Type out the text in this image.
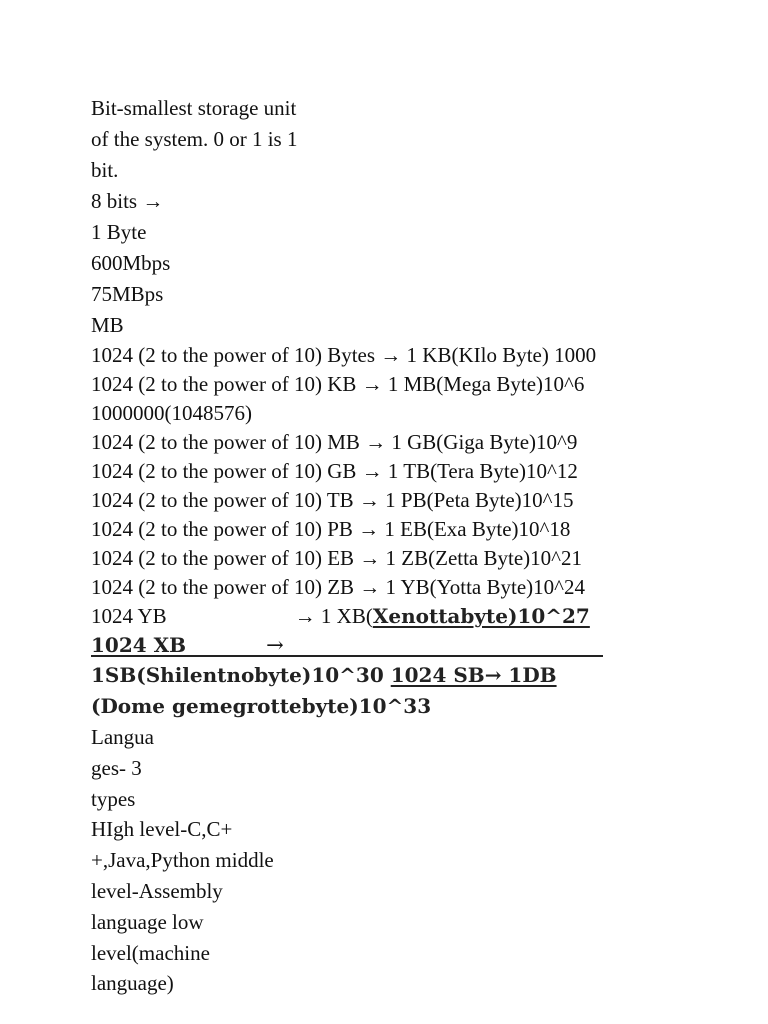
Bit-smallest storage unit
of the system. 0 or 1 is 1
bit.
8 bits →
1 Byte
600Mbps
75MBps
MB
1024 (2 to the power of 10) Bytes → 1 KB(KIlo Byte) 1000
1024 (2 to the power of 10) KB → 1 MB(Mega Byte)10^6
1000000(1048576)
1024 (2 to the power of 10) MB → 1 GB(Giga Byte)10^9
1024 (2 to the power of 10) GB → 1 TB(Tera Byte)10^12
1024 (2 to the power of 10) TB → 1 PB(Peta Byte)10^15
1024 (2 to the power of 10) PB → 1 EB(Exa Byte)10^18
1024 (2 to the power of 10) EB → 1 ZB(Zetta Byte)10^21
1024 (2 to the power of 10) ZB → 1 YB(Yotta Byte)10^24
1024 YB	→ 1 XB(Xenottabyte)10^27
1024 XB	→
1SB(Shilentnobyte)10^30 1024 SB→ 1DB
(Dome gemegrottebyte)10^33
Langua
ges- 3
types
HIgh level-C,C+
+,Java,Python middle
level-Assembly
language low
level(machine
language)
